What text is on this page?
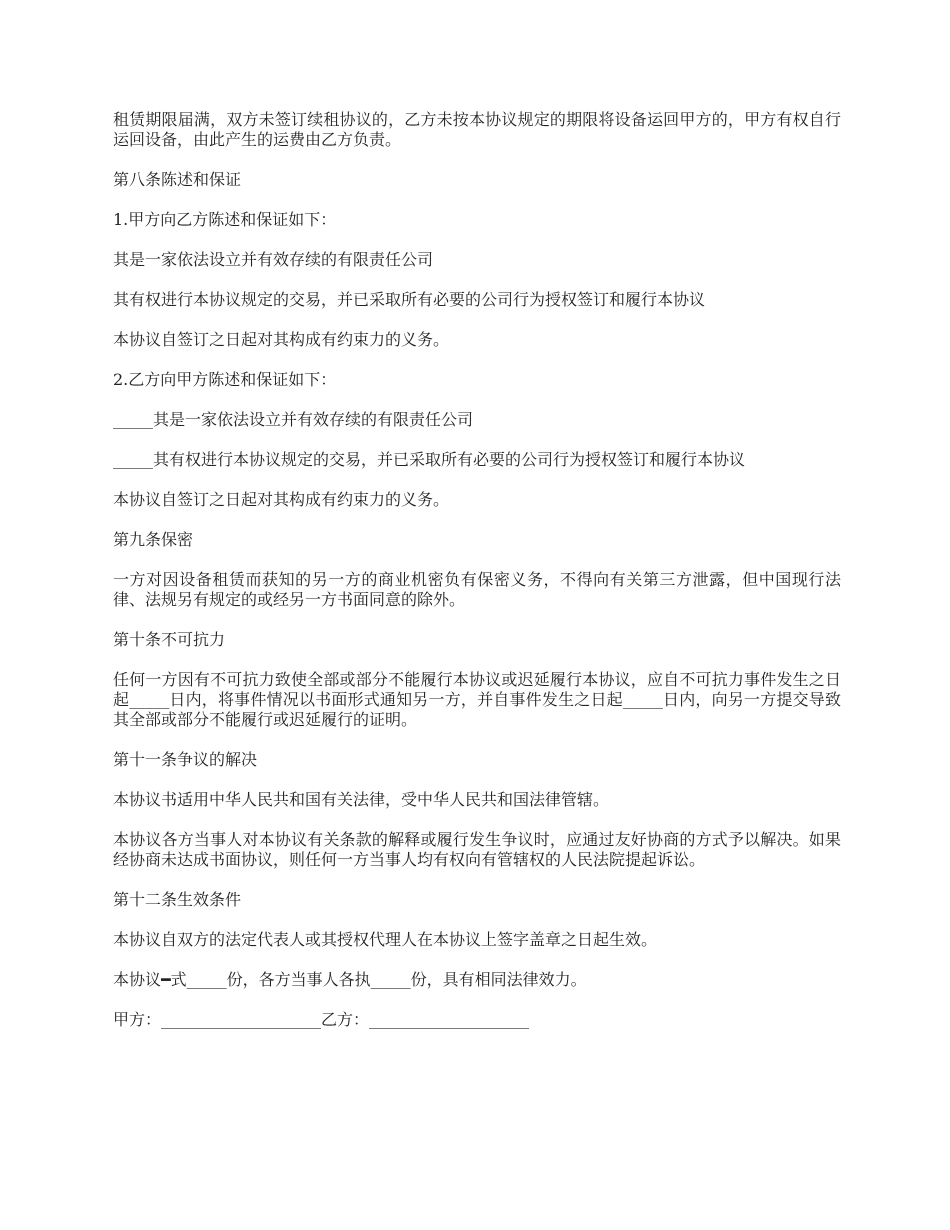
租赁期限届满，双方未签订续租协议的，乙方未按本协议规定的期限将设备运回甲方的，甲方有权自行运回设备，由此产生的运费由乙方负责。

第八条陈述和保证

1.甲方向乙方陈述和保证如下：

其是一家依法设立并有效存续的有限责任公司

其有权进行本协议规定的交易，并已采取所有必要的公司行为授权签订和履行本协议

本协议自签订之日起对其构成有约束力的义务。

2.乙方向甲方陈述和保证如下：

_____其是一家依法设立并有效存续的有限责任公司

_____其有权进行本协议规定的交易，并已采取所有必要的公司行为授权签订和履行本协议

本协议自签订之日起对其构成有约束力的义务。

第九条保密

一方对因设备租赁而获知的另一方的商业机密负有保密义务，不得向有关第三方泄露，但中国现行法律、法规另有规定的或经另一方书面同意的除外。

第十条不可抗力

任何一方因有不可抗力致使全部或部分不能履行本协议或迟延履行本协议，应自不可抗力事件发生之日起_____日内，将事件情况以书面形式通知另一方，并自事件发生之日起_____日内，向另一方提交导致其全部或部分不能履行或迟延履行的证明。

第十一条争议的解决

本协议书适用中华人民共和国有关法律，受中华人民共和国法律管辖。

本协议各方当事人对本协议有关条款的解释或履行发生争议时，应通过友好协商的方式予以解决。如果经协商未达成书面协议，则任何一方当事人均有权向有管辖权的人民法院提起诉讼。

第十二条生效条件

本协议自双方的法定代表人或其授权代理人在本协议上签字盖章之日起生效。

本协议━式_____份，各方当事人各执_____份，具有相同法律效力。

甲方：____________________乙方：____________________
